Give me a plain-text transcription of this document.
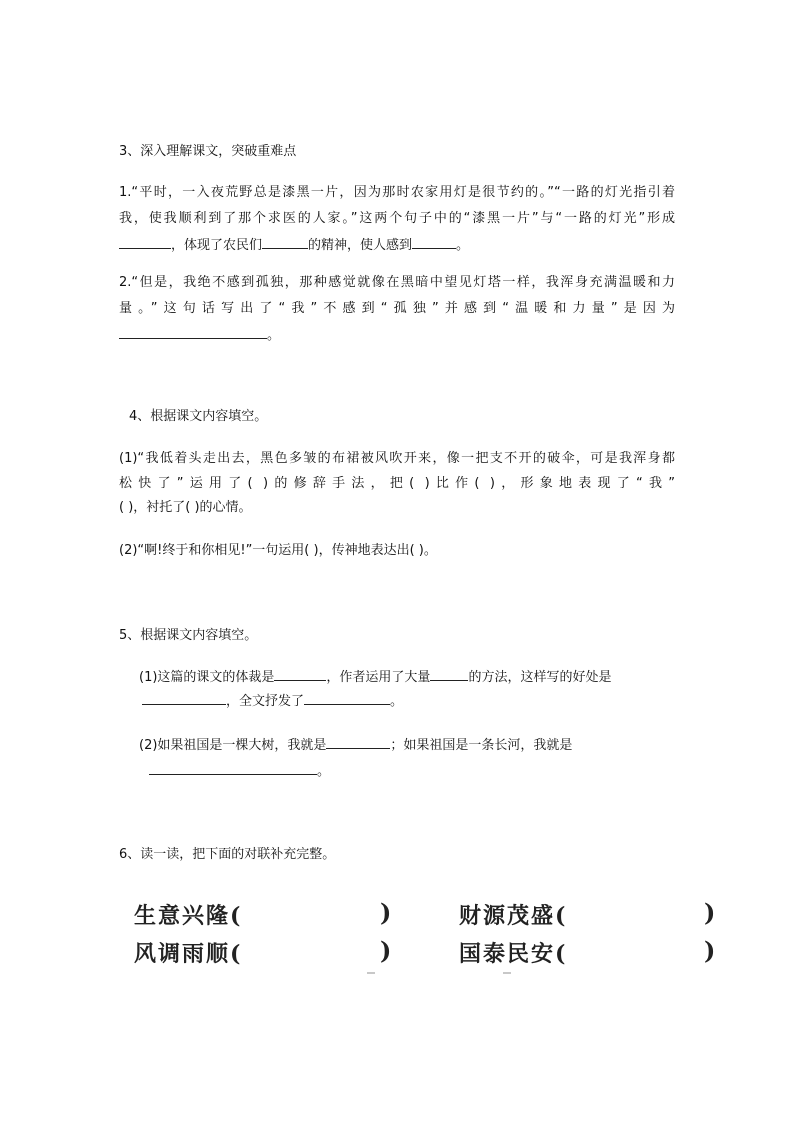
3、深入理解课文，突破重难点
1.“平时，一入夜荒野总是漆黑一片，因为那时农家用灯是很节约的。”“一路的灯光指引着
我，使我顺利到了那个求医的人家。”这两个句子中的“漆黑一片”与“一路的灯光”形成
，体现了农民们	的精神，使人感到	。
2.“但是，我绝不感到孤独，那种感觉就像在黑暗中望见灯塔一样，我浑身充满温暖和力
量。”这句话写出了“我”不感到“孤独”并感到“温暖和力量”是因为
。
4、根据课文内容填空。
(1)“我低着头走出去，黑色多皱的布裙被风吹开来，像一把支不开的破伞，可是我浑身都
松快了”运用了( )的修辞手法，把( )比作( )，形象地表现了“我”
( )，衬托了( )的心情。
(2)“啊!终于和你相见!”一句运用( )，传神地表达出( )。
5、根据课文内容填空。
(1)这篇的课文的体裁是	，作者运用了大量	的方法，这样写的好处是
，全文抒发了	。
(2)如果祖国是一棵大树，我就是	；如果祖国是一条长河，我就是
。
6、读一读，把下面的对联补充完整。
生意兴隆(	)	财源茂盛(	)
风调雨顺(	)	国泰民安(	)
